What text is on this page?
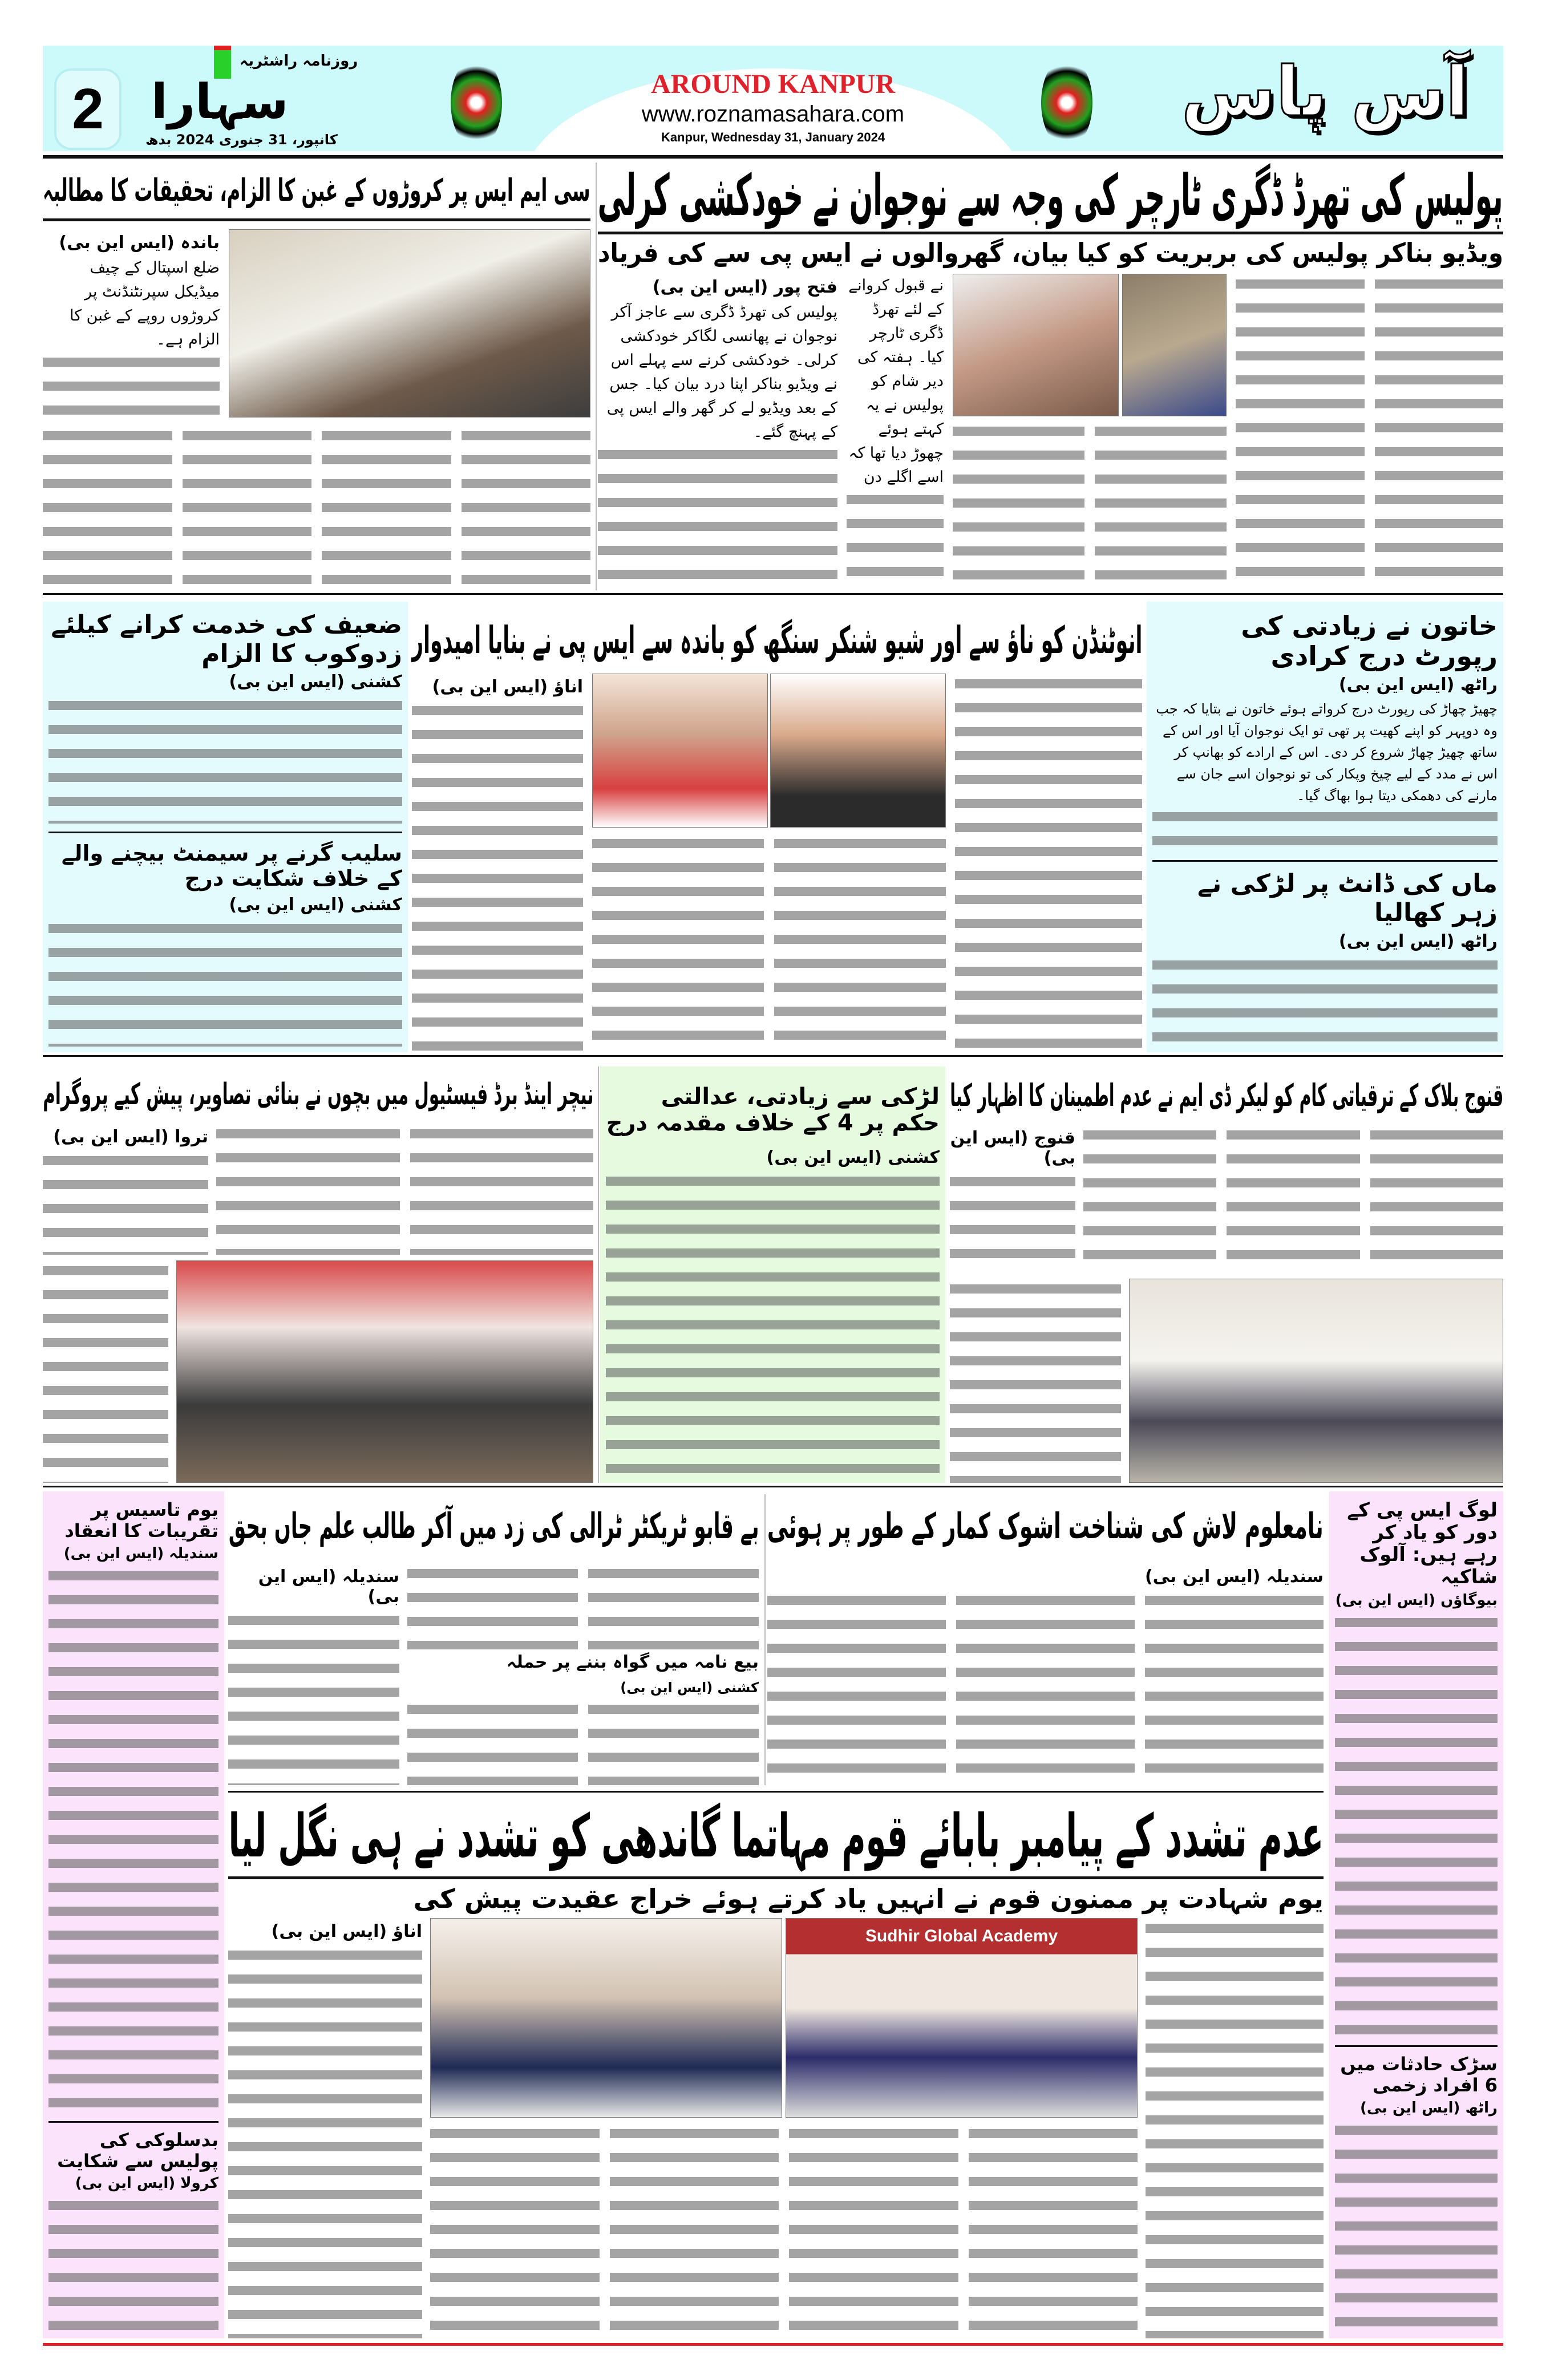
2
روزنامہ راشٹریہ
سہارا
کانپور، 31 جنوری 2024 بدھ
AROUND KANPUR
www.roznamasahara.com
Kanpur, Wednesday 31, January 2024
آس پاس
پولیس کی تھرڈ ڈگری ٹارچر کی وجہ سے نوجوان نے خودکشی کرلی
ویڈیو بناکر پولیس کی بربریت کو کیا بیان، گھروالوں نے ایس پی سے کی فریاد
فتح پور (ایس این بی)
پولیس کی تھرڈ ڈگری سے عاجز آکر نوجوان نے پھانسی لگاکر خودکشی کرلی۔ خودکشی کرنے سے پہلے اس نے ویڈیو بناکر اپنا درد بیان کیا۔ جس کے بعد ویڈیو لے کر گھر والے ایس پی کے پہنچ گئے۔
نے قبول کروانے کے لئے تھرڈ ڈگری ٹارچر کیا۔ ہفتہ کی دیر شام کو پولیس نے یہ کہتے ہوئے چھوڑ دیا تھا کہ اسے اگلے دن
سی ایم ایس پر کروڑوں کے غبن کا الزام، تحقیقات کا مطالبہ
باندہ (ایس این بی)
ضلع اسپتال کے چیف میڈیکل سپرنٹنڈنٹ پر کروڑوں روپے کے غبن کا الزام ہے۔
خاتون نے زیادتی کی رپورٹ درج کرادی
راٹھ (ایس این بی)
چھیڑ چھاڑ کی رپورٹ درج کرواتے ہوئے خاتون نے بتایا کہ جب وہ دوپہر کو اپنے کھیت پر تھی تو ایک نوجوان آیا اور اس کے ساتھ چھیڑ چھاڑ شروع کر دی۔ اس کے ارادے کو بھانپ کر اس نے مدد کے لیے چیخ وپکار کی تو نوجوان اسے جان سے مارنے کی دھمکی دیتا ہوا بھاگ گیا۔
ماں کی ڈانٹ پر لڑکی نے زہر کھالیا
راٹھ (ایس این بی)
انوٹنڈن کو ناؤ سے اور شیو شنکر سنگھ کو باندہ سے ایس پی نے بنایا امیدوار
اناؤ (ایس این بی)
ضعیف کی خدمت کرانے کیلئے زدوکوب کا الزام
کشنی (ایس این بی)
سلیب گرنے پر سیمنٹ بیچنے والے کے خلاف شکایت درج
کشنی (ایس این بی)
قنوج بلاک کے ترقیاتی کام کو لیکر ڈی ایم نے عدم اطمینان کا اظہار کیا
قنوج (ایس این بی)
لڑکی سے زیادتی، عدالتی حکم پر 4 کے خلاف مقدمہ درج
کشنی (ایس این بی)
نیچر اینڈ برڈ فیسٹیول میں بچوں نے بنائی تصاویر، پیش کیے پروگرام
تروا (ایس این بی)
لوگ ایس پی کے دور کو یاد کر رہے ہیں: آلوک شاکیہ
بیوگاؤں (ایس این بی)
سڑک حادثات میں 6 افراد زخمی
راٹھ (ایس این بی)
یوم تاسیس پر تقریبات کا انعقاد
سندیلہ (ایس این بی)
بدسلوکی کی پولیس سے شکایت
کرولا (ایس این بی)
نامعلوم لاش کی شناخت اشوک کمار کے طور پر ہوئی
سندیلہ (ایس این بی)
بے قابو ٹریکٹر ٹرالی کی زد میں آکر طالب علم جاں بحق
سندیلہ (ایس این بی)
بیع نامہ میں گواہ بننے پر حملہ
کشنی (ایس این بی)
عدم تشدد کے پیامبر بابائے قوم مہاتما گاندھی کو تشدد نے ہی نگل لیا
یوم شہادت پر ممنون قوم نے انہیں یاد کرتے ہوئے خراج عقیدت پیش کی
اناؤ (ایس این بی)	Sudhir Global Academy
